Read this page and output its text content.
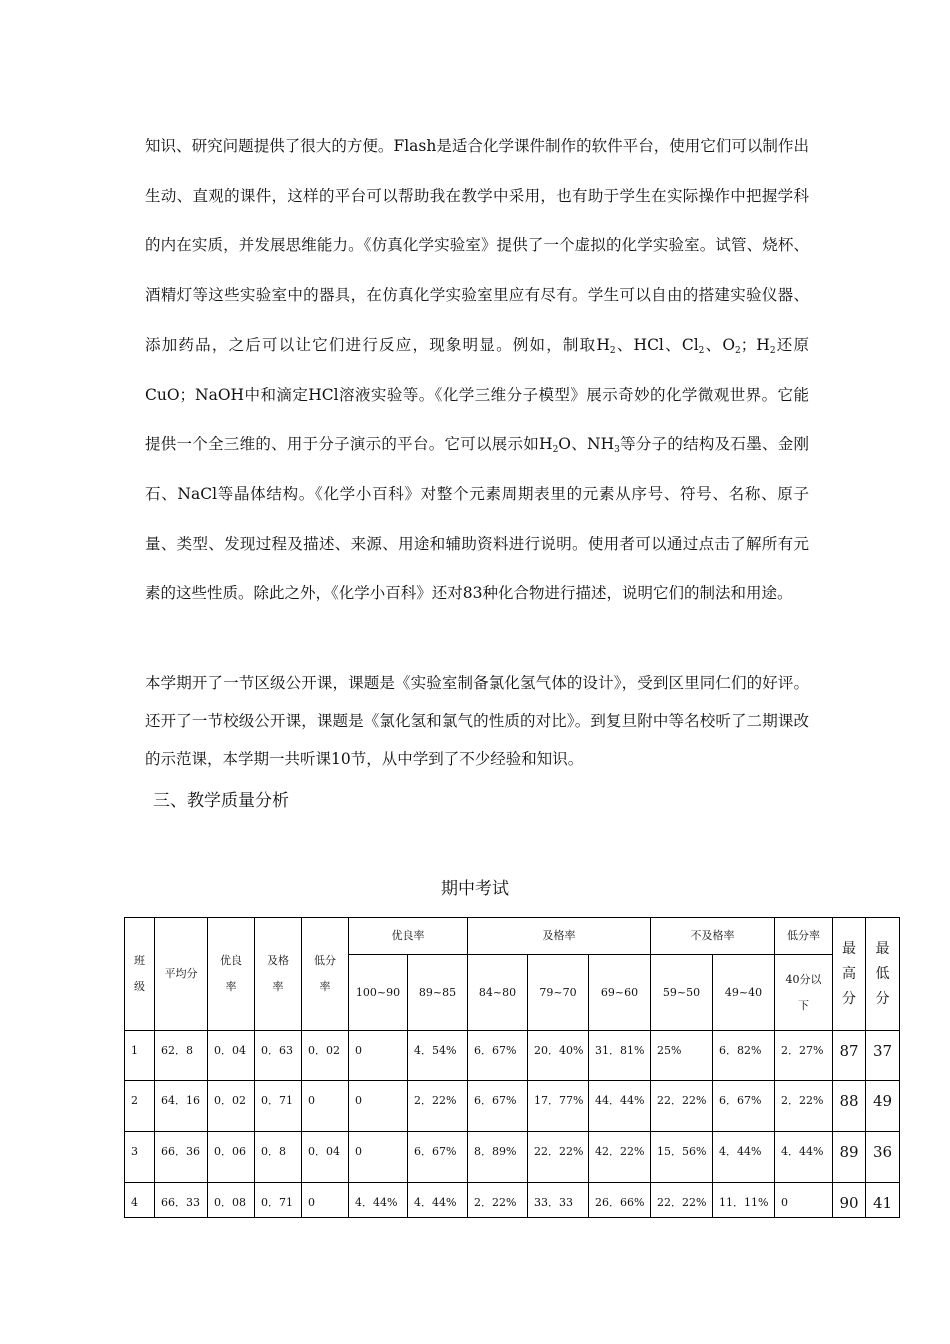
知识、研究问题提供了很大的方便。Flash是适合化学课件制作的软件平台，使用它们可以制作出生动、直观的课件，这样的平台可以帮助我在教学中采用，也有助于学生在实际操作中把握学科的内在实质，并发展思维能力。《仿真化学实验室》提供了一个虚拟的化学实验室。试管、烧杯、酒精灯等这些实验室中的器具，在仿真化学实验室里应有尽有。学生可以自由的搭建实验仪器、添加药品，之后可以让它们进行反应，现象明显。例如，制取$H_2$、HCl、$Cl_2$、$O_2$；$H_2$还原CuO；NaOH中和滴定HCl溶液实验等。《化学三维分子模型》展示奇妙的化学微观世界。它能提供一个全三维的、用于分子演示的平台。它可以展示如$H_2O$、$NH_3$等分子的结构及石墨、金刚石、NaCl等晶体结构。《化学小百科》对整个元素周期表里的元素从序号、符号、名称、原子量、类型、发现过程及描述、来源、用途和辅助资料进行说明。使用者可以通过点击了解所有元素的这些性质。除此之外，《化学小百科》还对83种化合物进行描述，说明它们的制法和用途。

本学期开了一节区级公开课，课题是《实验室制备氯化氢气体的设计》，受到区里同仁们的好评。还开了一节校级公开课，课题是《氯化氢和氯气的性质的对比》。到复旦附中等名校听了二期课改的示范课，本学期一共听课10节，从中学到了不少经验和知识。

三、教学质量分析

期中考试

班级	平均分	优良率	及格率	低分率	优良率		及格率			不及格率		低分率	最高分	最低分
					100~90	89~85	84~80	79~70	69~60	59~50	49~40	40分以下		
1	62．8	0．04	0．63	0．02	0	4．54%	6．67%	20．40%	31．81%	25%	6．82%	2．27%	87	37
2	64．16	0．02	0．71	0	0	2．22%	6．67%	17．77%	44．44%	22．22%	6．67%	2．22%	88	49
3	66．36	0．06	0．8	0．04	0	6．67%	8．89%	22．22%	42．22%	15．56%	4．44%	4．44%	89	36
4	66．33	0．08	0．71	0	4．44%	4．44%	2．22%	33．33	26．66%	22．22%	11．11%	0	90	41
